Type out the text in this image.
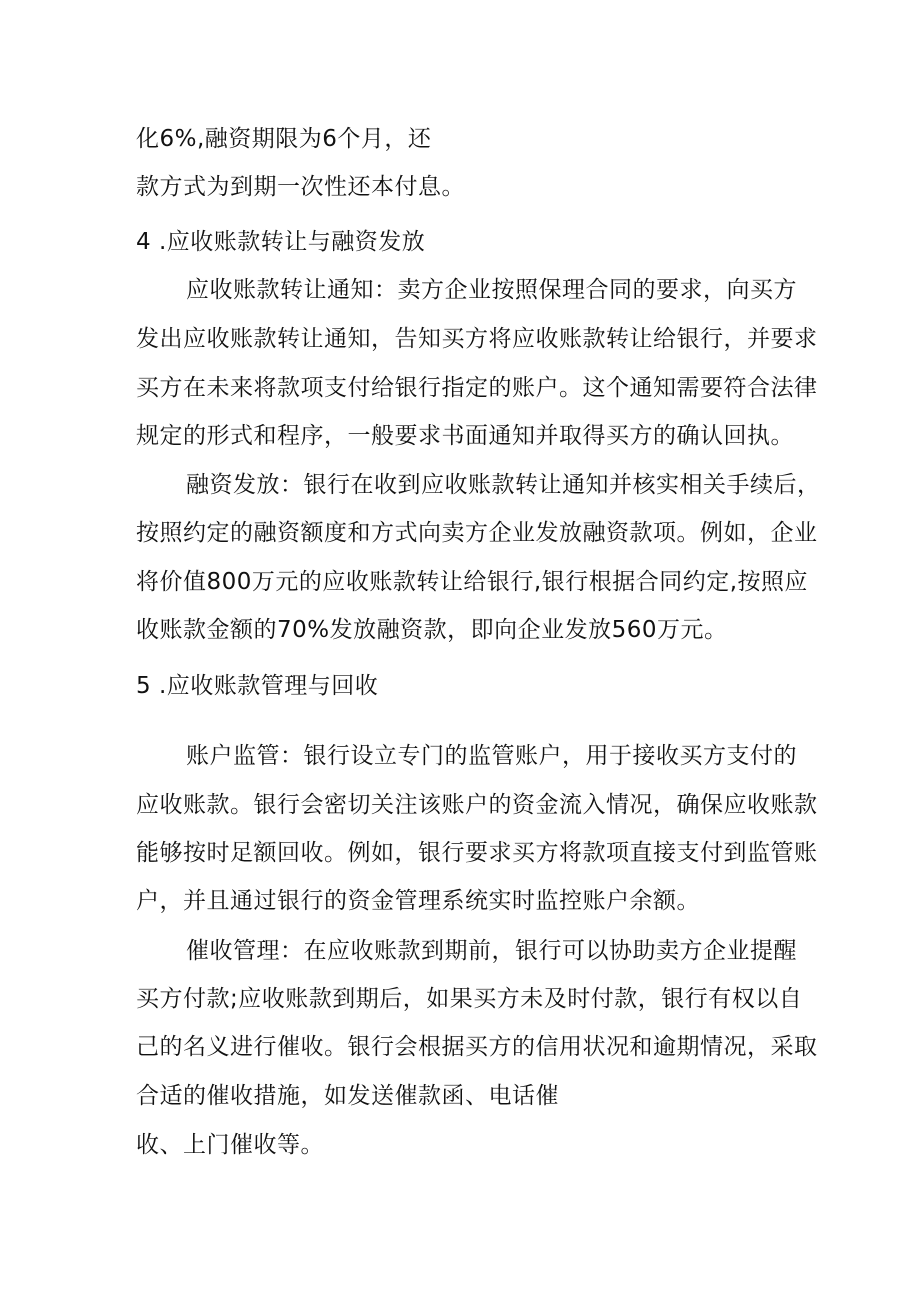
化6%,融资期限为6个月，还
款方式为到期一次性还本付息。
4 .应收账款转让与融资发放
应收账款转让通知：卖方企业按照保理合同的要求，向买方
发出应收账款转让通知，告知买方将应收账款转让给银行，并要求
买方在未来将款项支付给银行指定的账户。这个通知需要符合法律
规定的形式和程序，一般要求书面通知并取得买方的确认回执。
融资发放：银行在收到应收账款转让通知并核实相关手续后，
按照约定的融资额度和方式向卖方企业发放融资款项。例如，企业
将价值800万元的应收账款转让给银行,银行根据合同约定,按照应
收账款金额的70%发放融资款，即向企业发放560万元。
5 .应收账款管理与回收
账户监管：银行设立专门的监管账户，用于接收买方支付的
应收账款。银行会密切关注该账户的资金流入情况，确保应收账款
能够按时足额回收。例如，银行要求买方将款项直接支付到监管账
户，并且通过银行的资金管理系统实时监控账户余额。
催收管理：在应收账款到期前，银行可以协助卖方企业提醒
买方付款;应收账款到期后，如果买方未及时付款，银行有权以自
己的名义进行催收。银行会根据买方的信用状况和逾期情况，采取
合适的催收措施，如发送催款函、电话催
收、上门催收等。
